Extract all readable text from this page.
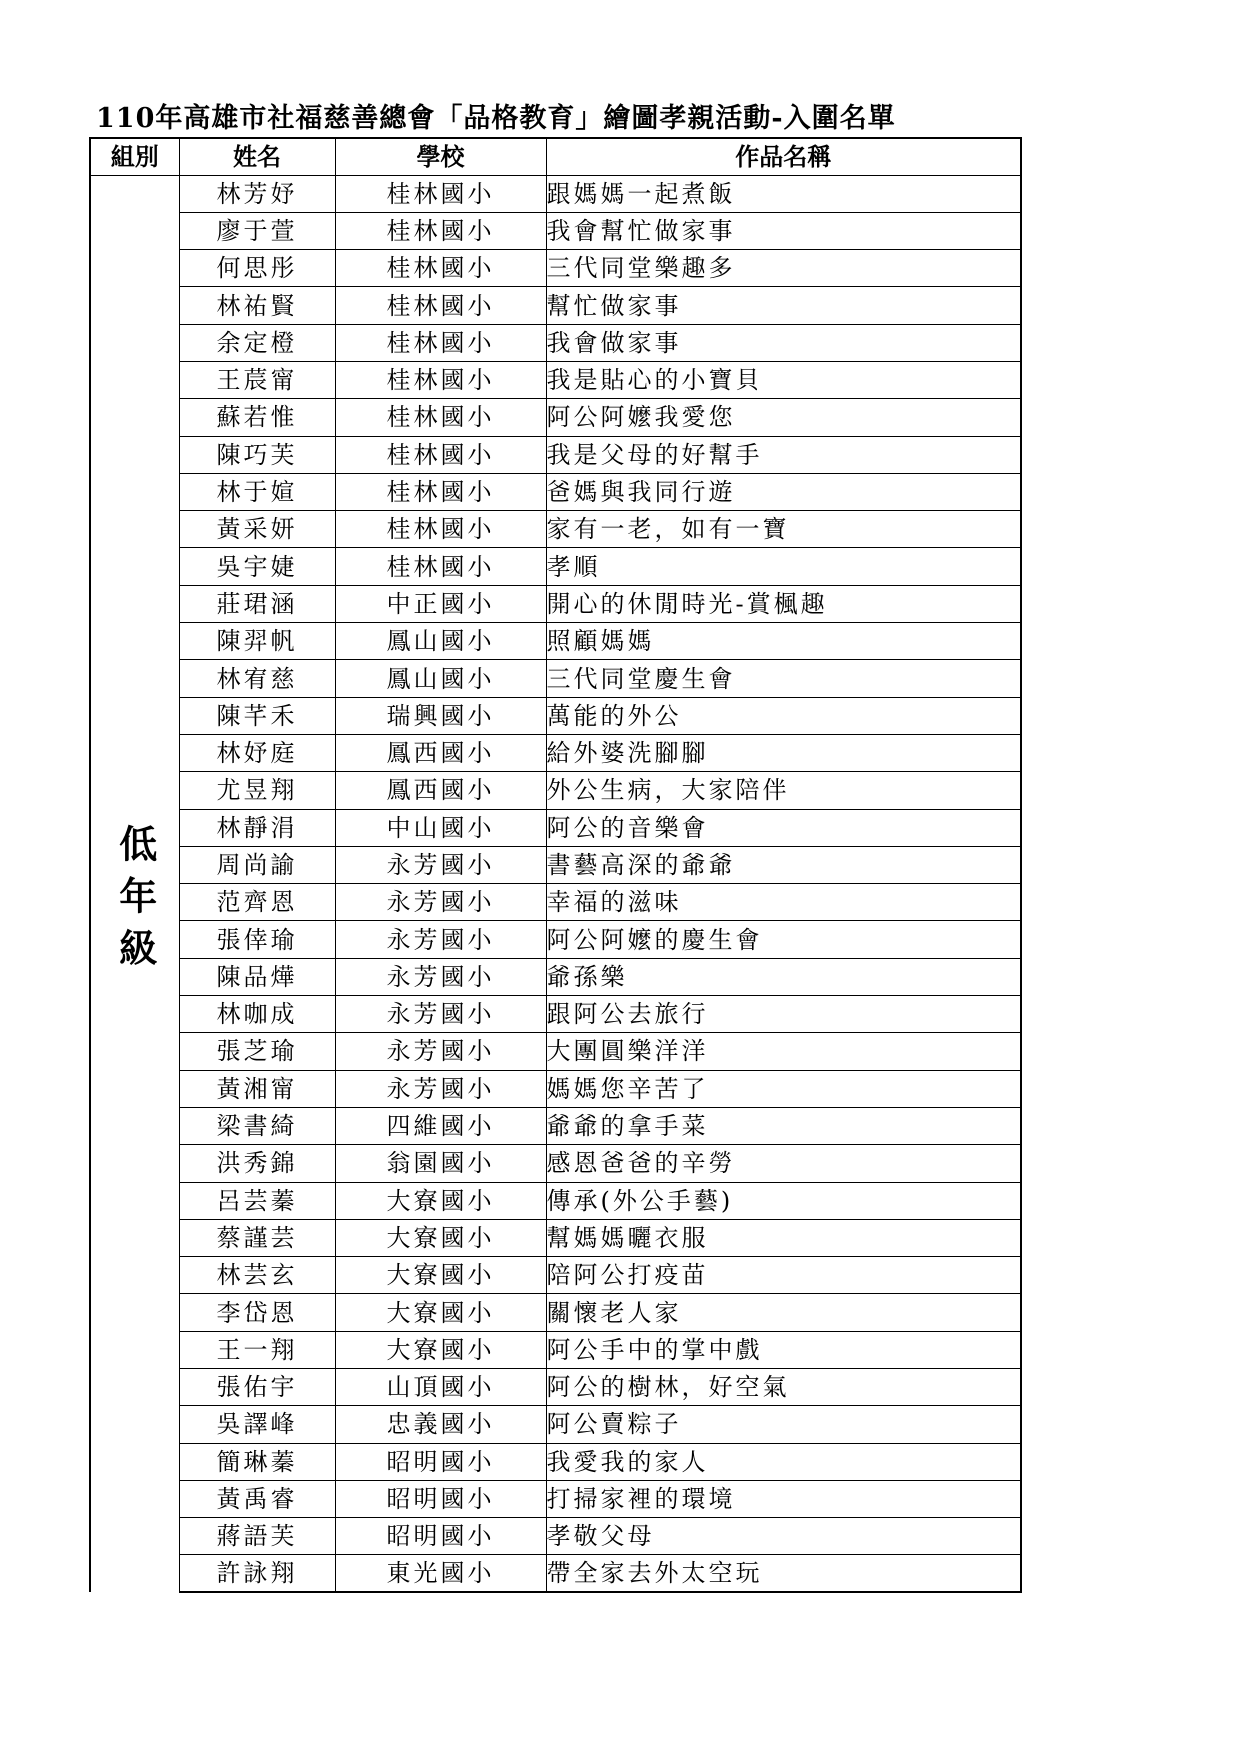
110年高雄市社福慈善總會「品格教育」繪圖孝親活動-入圍名單
組別	姓名	學校	作品名稱
低年級	林芳妤	桂林國小	跟媽媽一起煮飯
	廖于萱	桂林國小	我會幫忙做家事
	何思彤	桂林國小	三代同堂樂趣多
	林祐賢	桂林國小	幫忙做家事
	余定橙	桂林國小	我會做家事
	王莀甯	桂林國小	我是貼心的小寶貝
	蘇若惟	桂林國小	阿公阿嬤我愛您
	陳巧芙	桂林國小	我是父母的好幫手
	林于媗	桂林國小	爸媽與我同行遊
	黃采妍	桂林國小	家有一老，如有一寶
	吳宇婕	桂林國小	孝順
	莊珺涵	中正國小	開心的休閒時光-賞楓趣
	陳羿帆	鳳山國小	照顧媽媽
	林宥慈	鳳山國小	三代同堂慶生會
	陳芊禾	瑞興國小	萬能的外公
	林妤庭	鳳西國小	給外婆洗腳腳
	尤昱翔	鳳西國小	外公生病，大家陪伴
	林靜涓	中山國小	阿公的音樂會
	周尚諭	永芳國小	書藝高深的爺爺
	范齊恩	永芳國小	幸福的滋味
	張倖瑜	永芳國小	阿公阿嬤的慶生會
	陳品燁	永芳國小	爺孫樂
	林咖成	永芳國小	跟阿公去旅行
	張芝瑜	永芳國小	大團圓樂洋洋
	黃湘甯	永芳國小	媽媽您辛苦了
	梁書綺	四維國小	爺爺的拿手菜
	洪秀錦	翁園國小	感恩爸爸的辛勞
	呂芸蓁	大寮國小	傳承(外公手藝)
	蔡謹芸	大寮國小	幫媽媽曬衣服
	林芸玄	大寮國小	陪阿公打疫苗
	李岱恩	大寮國小	關懷老人家
	王一翔	大寮國小	阿公手中的掌中戲
	張佑宇	山頂國小	阿公的樹林，好空氣
	吳譯峰	忠義國小	阿公賣粽子
	簡琳蓁	昭明國小	我愛我的家人
	黃禹睿	昭明國小	打掃家裡的環境
	蔣語芙	昭明國小	孝敬父母
	許詠翔	東光國小	帶全家去外太空玩
